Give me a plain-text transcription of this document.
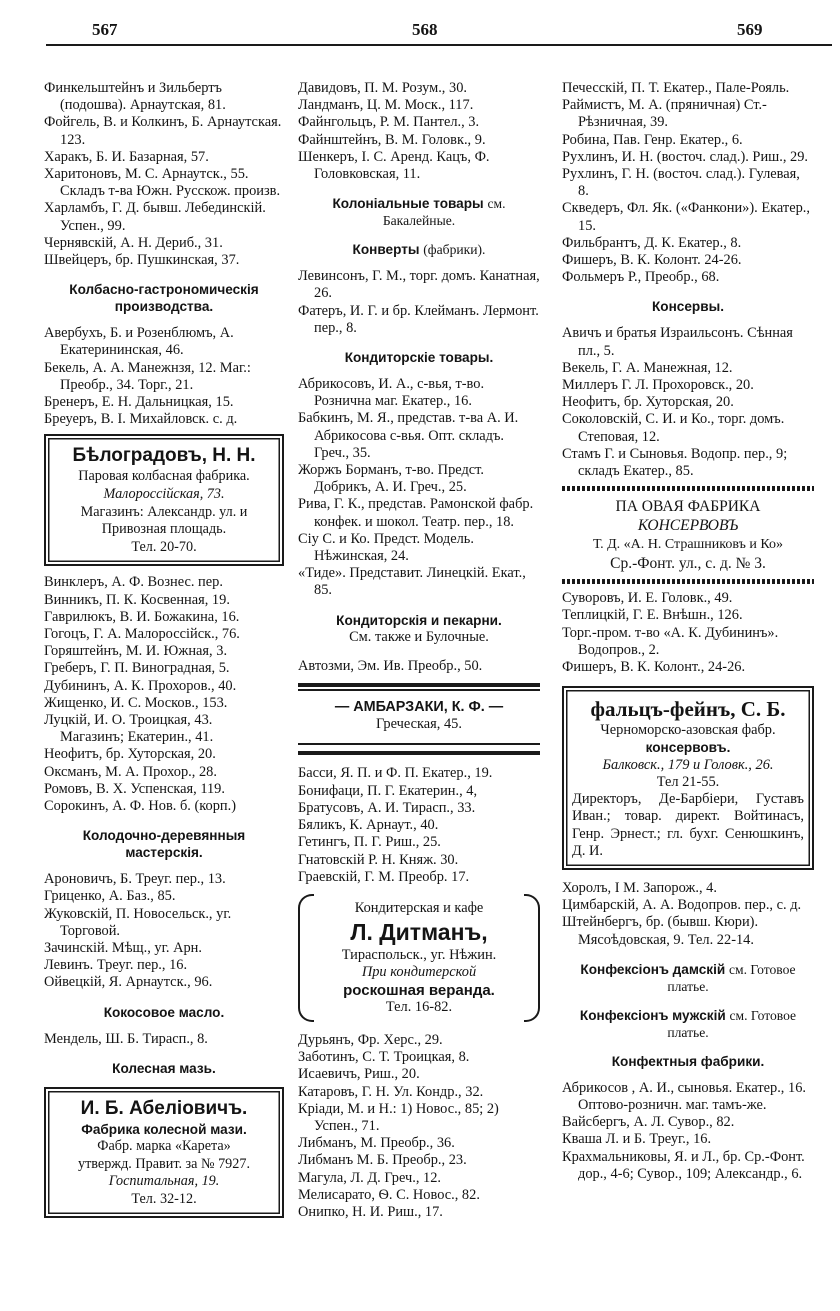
567	568	569
Финкельштейнъ и Зильбертъ (подошва). Арнаутская, 81.
Фойгель, В. и Колкинъ, Б. Арнаутская. 123.
Харакъ, Б. И. Базарная, 57.
Харитоновъ, М. С. Арнаутск., 55. Складъ т-ва Южн. Русcкож. произв.
Харламбъ, Г. Д. бывш. Лебединскій. Успен., 99.
Чернявскій, А. Н. Дериб., 31.
Швейцеръ, бр. Пушкинская, 37.
Колбасно-гастрономическія производства.
Авербухъ, Б. и Розенблюмъ, А. Екатерининская, 46.
Бекель, А. А. Манежнзя, 12. Маг.: Преобр., 34. Торг., 21.
Бренеръ, Е. Н. Дальницкая, 15.
Бреуеръ, В. І. Михайловск. с. д.
Бѣлоградовъ, Н. Н.
Паровая колбасная фабрика.
Малороссійская, 73.
Магазинъ: Александр. ул. и Привозная площадь.
Тел. 20-70.
Винклеръ, А. Ф. Вознес. пер.
Винникъ, П. К. Косвенная, 19.
Гаврилюкъ, В. И. Божакина, 16.
Гогоцъ, Г. А. Малороссійск., 76.
Горяштейнъ, М. И. Южная, 3.
Греберъ, Г. П. Виноградная, 5.
Дубининъ, А. К. Прохоров., 40.
Жищенко, И. С. Москов., 153.
Луцкій, И. О. Троицкая, 43.
Магазинъ; Екатерин., 41.
Неофитъ, бр. Хуторская, 20.
Оксманъ, М. А. Прохор., 28.
Ромовъ, В. Х. Успенская, 119.
Сорокинъ, А. Ф. Нов. б. (корп.)
Колодочно-деревянныя мастерскія.
Ароновичъ, Б. Треуг. пер., 13.
Гриценко, А. Баз., 85.
Жуковскій, П. Новосельск., уг. Торговой.
Зачинскій. Мѣщ., уг. Арн.
Левинъ. Треуг. пер., 16.
Ойвецкій, Я. Арнаутск., 96.
Кокосовое масло.
Мендель, Ш. Б. Тирасп., 8.
Колесная мазь.
И. Б. Абеліовичъ.
Фабрика колесной мази.
Фабр. марка «Карета»
утвержд. Правит. за № 7927.
Госпитальная, 19.
Тел. 32-12.
Давидовъ, П. М. Розум., 30.
Ландманъ, Ц. М. Моск., 117.
Файнгольцъ, Р. М. Пантел., 3.
Файнштейнъ, В. М. Головк., 9.
Шенкеръ, І. С. Аренд. Кацъ, Ф. Головковская, 11.
Колоніальные товары см. Бакалейные.
Конверты (фабрики).
Левинсонъ, Г. М., торг. домъ. Канатная, 26.
Фатеръ, И. Г. и бр. Клейманъ. Лермонт. пер., 8.
Кондиторскіе товары.
Абрикосовъ, И. А., с-вья, т-во. Рознична маг. Екатер., 16.
Бабкинъ, М. Я., представ. т-ва А. И. Абрикосова с-вья. Опт. складъ. Греч., 35.
Жоржъ Борманъ, т-во. Предст. Добрикъ, А. И. Греч., 25.
Рива, Г. К., представ. Рамонской фабр. конфек. и шокол. Театр. пер., 18.
Сіу С. и Ко. Предст. Модель. Нѣжинская, 24.
«Тиде». Представит. Линецкій. Екат., 85.
Кондиторскія и пекарни.
См. также и Булочные.
Автозми, Эм. Ив. Преобр., 50.
— АМБАРЗАКИ, К. Ф. —
Греческая, 45.
Басси, Я. П. и Ф. П. Екатер., 19.
Бонифаци, П. Г. Екатерин., 4,
Братусовъ, А. И. Тирасп., 33.
Бяликъ, К. Арнаут., 40.
Гетингъ, П. Г. Риш., 25.
Гнатовскій Р. Н. Княж. 30.
Граевскій, Г. М. Преобр. 17.
Кондитерская и кафе
Л. Дитманъ,
Тираспольск., уг. Нѣжин.
При кондитерской
роскошная веранда.
Тел. 16-82.
Дурьянъ, Фр. Херс., 29.
Заботинъ, С. Т. Троицкая, 8.
Исаевичъ, Риш., 20.
Катаровъ, Г. Н. Ул. Кондр., 32.
Кріади, М. и Н.: 1) Новос., 85; 2) Успен., 71.
Либманъ, М. Преобр., 36.
Либманъ М. Б. Преобр., 23.
Магула, Л. Д. Греч., 12.
Мелисарато, Ѳ. С. Новос., 82.
Онипко, Н. И. Риш., 17.
Печесскій, П. Т. Екатер., Пале-Рояль.
Раймистъ, М. А. (пряничная) Ст.-Рѣзничная, 39.
Робина, Пав. Генр. Екатер., 6.
Рухлинъ, И. Н. (восточ. слад.). Риш., 29.
Рухлинъ, Г. Н. (восточ. слад.). Гулевая, 8.
Скведеръ, Фл. Як. («Фанкони»). Екатер., 15.
Фильбрантъ, Д. К. Екатер., 8.
Фишеръ, В. К. Колонт. 24-26.
Фольмеръ Р., Преобр., 68.
Консервы.
Авичъ и братья Израильсонъ. Сѣнная пл., 5.
Векель, Г. А. Манежная, 12.
Миллеръ Г. Л. Прохоровск., 20.
Неофитъ, бр. Хуторская, 20.
Соколовскій, С. И. и Ко., торг. домъ. Степовая, 12.
Стамъ Г. и Сыновья. Водопр. пер., 9; складъ Екатер., 85.
ПА ОВАЯ ФАБРИКА
КОНСЕРВОВЪ
Т. Д. «А. Н. Страшниковъ и Ко»
Ср.-Фонт. ул., с. д. № 3.
Суворовъ, И. Е. Головк., 49.
Теплицкій, Г. Е. Внѣшн., 126.
Торг.-пром. т-во «А. К. Дубининъ». Водопров., 2.
Фишеръ, В. К. Колонт., 24-26.
фальцъ-фейнъ, С. Б.
Черноморско-азовская фабр.
консервовъ.
Балковск., 179 и Головк., 26.
Тел 21-55.
Директоръ, Де-Барбіери, Густавъ Иван.; товар. директ. Войтинасъ, Генр. Эрнест.; гл. бухг. Сенюшкинъ, Д. И.
Хоролъ, І М. Запорож., 4.
Цимбарскій, А. А. Водопров. пер., с. д.
Штейнбергъ, бр. (бывш. Кюри). Мясоѣдовская, 9. Тел. 22-14.
Конфексіонъ дамскій см. Готовое платье.
Конфексіонъ мужскій см. Готовое платье.
Конфектныя фабрики.
Абрикосов , А. И., сыновья. Екатер., 16. Оптово-розничн. маг. тамъ-же.
Вайсбергъ, А. Л. Сувор., 82.
Кваша Л. и Б. Треуг., 16.
Крахмальниковы, Я. и Л., бр. Ср.-Фонт. дор., 4-6; Сувор., 109; Александр., 6.
